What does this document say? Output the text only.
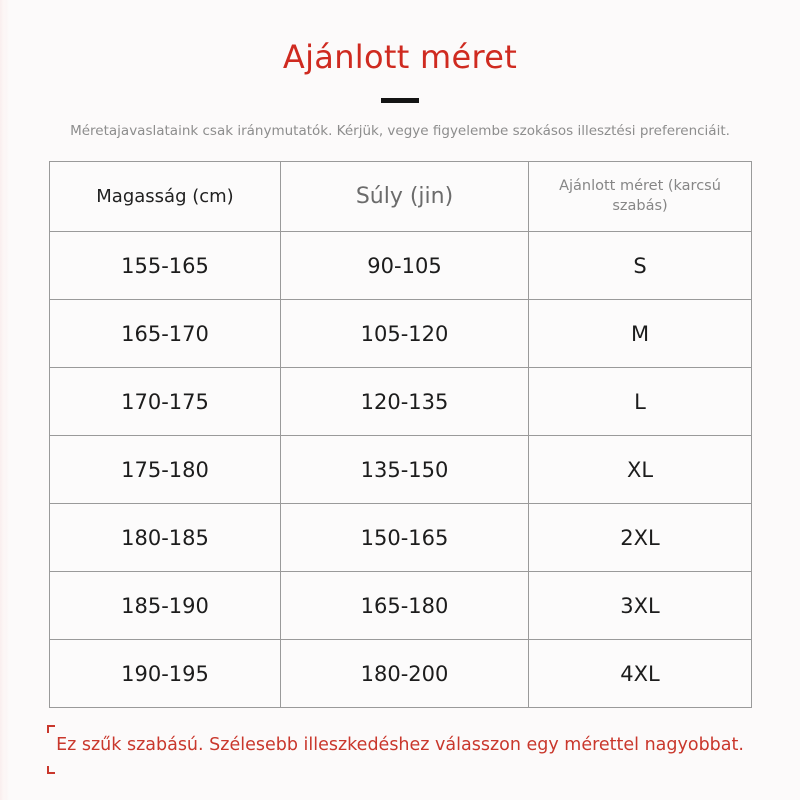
Ajánlott méret
Méretajavaslataink csak iránymutatók. Kérjük, vegye figyelembe szokásos illesztési preferenciáit.
Magasság (cm)	Súly (jin)	Ajánlott méret (karcsú szabás)
155-165	90-105	S
165-170	105-120	M
170-175	120-135	L
175-180	135-150	XL
180-185	150-165	2XL
185-190	165-180	3XL
190-195	180-200	4XL
Ez szűk szabású. Szélesebb illeszkedéshez válasszon egy mérettel nagyobbat.
